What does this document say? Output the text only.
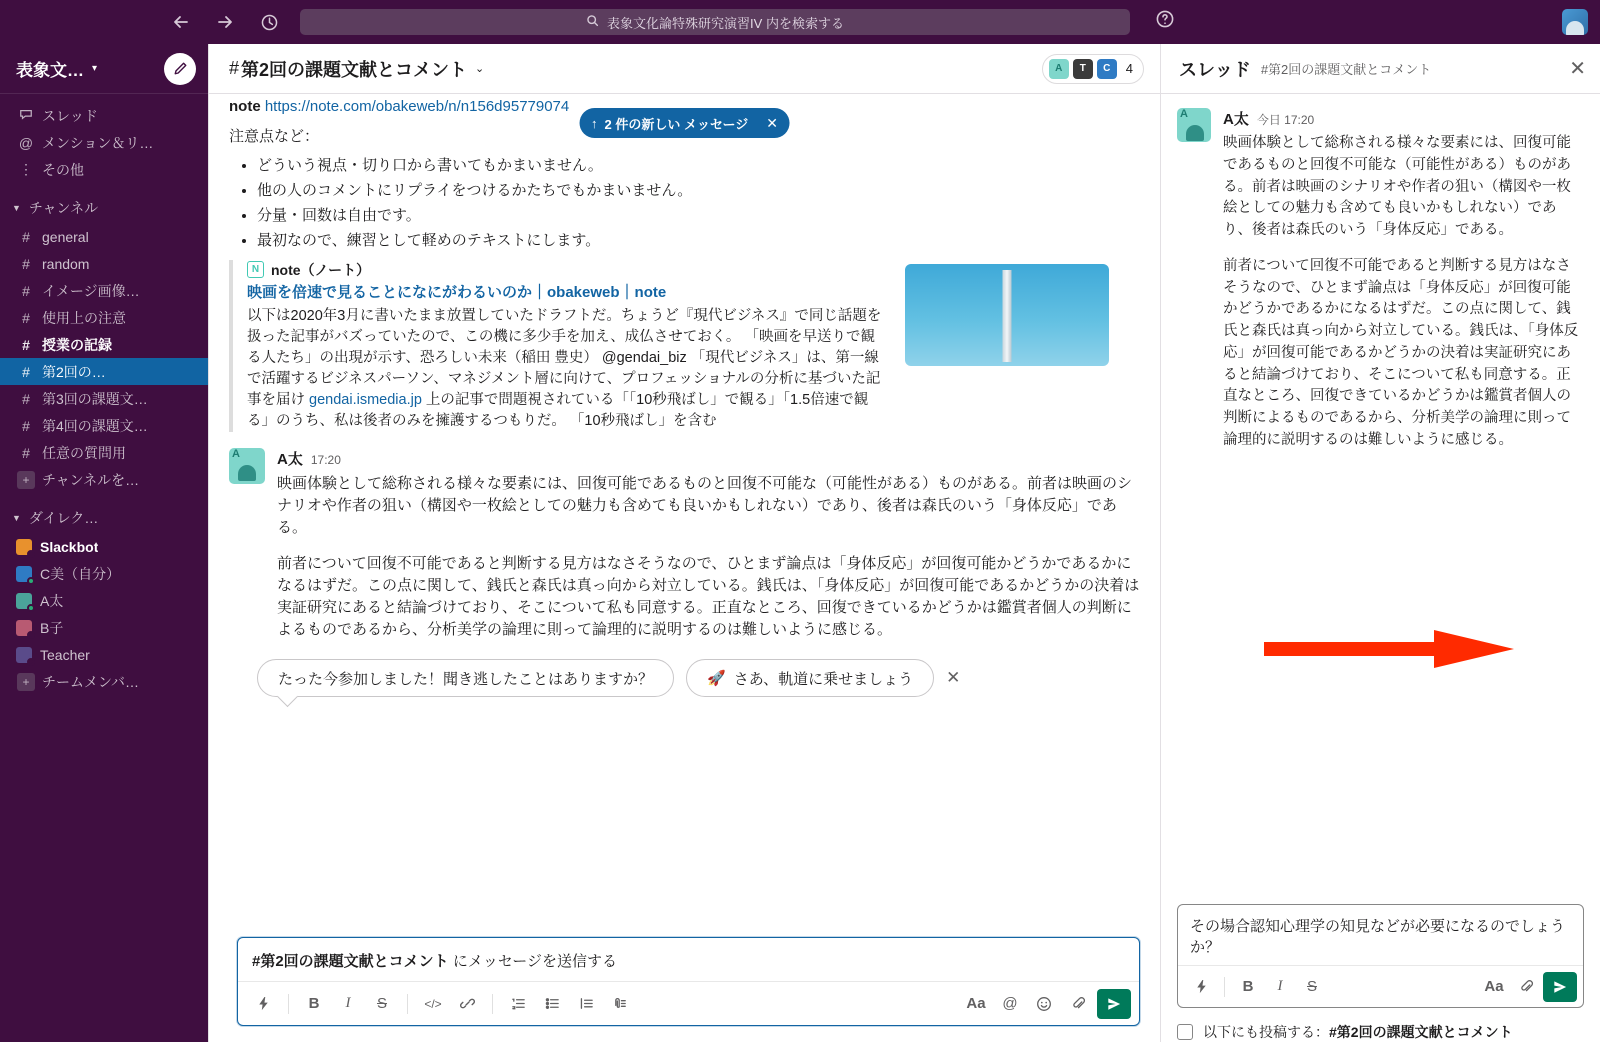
表象文化論特殊研究演習IV 内を検索する
表象文… ▾
スレッド
@ メンション＆リ…
⋮ その他
▼ チャンネル
# general
# random
# イメージ画像…
# 使用上の注意
# 授業の記録
# 第2回の…
# 第3回の課題文…
# 第4回の課題文…
# 任意の質問用
+ チャンネルを…
▼ ダイレク…
Slackbot
C美（自分）
A太
B子
Teacher
+ チームメンバ…
# 第2回の課題文献とコメント ⌄	A T C 4
↑ 2 件の新しい メッセージ ✕
note https://note.com/obakeweb/n/n156d95779074
注意点など：
• どういう視点・切り口から書いてもかまいません。
• 他の人のコメントにリプライをつけるかたちでもかまいません。
• 分量・回数は自由です。
• 最初なので、練習として軽めのテキストにします。
N note（ノート）
映画を倍速で見ることになにがわるいのか｜obakeweb｜note
以下は2020年3月に書いたまま放置していたドラフトだ。ちょうど『現代ビジネス』で同じ話題を扱った記事がバズっていたので、この機に多少手を加え、成仏させておく。 「映画を早送りで観る人たち」の出現が示す、恐ろしい未来（稲田 豊史） @gendai_biz 「現代ビジネス」は、第一線で活躍するビジネスパーソン、マネジメント層に向けて、プロフェッショナルの分析に基づいた記事を届け gendai.ismedia.jp 上の記事で問題視されている「「10秒飛ばし」で観る」「1.5倍速で観る」のうち、私は後者のみを擁護するつもりだ。 「10秒飛ばし」を含む
A
A太 17:20
映画体験として総称される様々な要素には、回復可能であるものと回復不可能な（可能性がある）ものがある。前者は映画のシナリオや作者の狙い（構図や一枚絵としての魅力も含めても良いかもしれない）であり、後者は森氏のいう「身体反応」である。
前者について回復不可能であると判断する見方はなさそうなので、ひとまず論点は「身体反応」が回復可能かどうかであるかになるはずだ。この点に関して、銭氏と森氏は真っ向から対立している。銭氏は、「身体反応」が回復可能であるかどうかの決着は実証研究にあると結論づけており、そこについて私も同意する。正直なところ、回復できているかどうかは鑑賞者個人の判断によるものであるから、分析美学の論理に則って論理的に説明するのは難しいように感じる。
たった今参加しました！聞き逃したことはありますか？	🚀 さあ、軌道に乗せましょう ✕
#第2回の課題文献とコメント にメッセージを送信する
B	I	S	</>	Aa	@
スレッド #第2回の課題文献とコメント	✕
A
A太 今日 17:20
映画体験として総称される様々な要素には、回復可能であるものと回復不可能な（可能性がある）ものがある。前者は映画のシナリオや作者の狙い（構図や一枚絵としての魅力も含めても良いかもしれない）であり、後者は森氏のいう「身体反応」である。
前者について回復不可能であると判断する見方はなさそうなので、ひとまず論点は「身体反応」が回復可能かどうかであるかになるはずだ。この点に関して、銭氏と森氏は真っ向から対立している。銭氏は、「身体反応」が回復可能であるかどうかの決着は実証研究にあると結論づけており、そこについて私も同意する。正直なところ、回復できているかどうかは鑑賞者個人の判断によるものであるから、分析美学の論理に則って論理的に説明するのは難しいように感じる。
その場合認知心理学の知見などが必要になるのでしょうか？
B	I	S	Aa
以下にも投稿する：#第2回の課題文献とコメント
